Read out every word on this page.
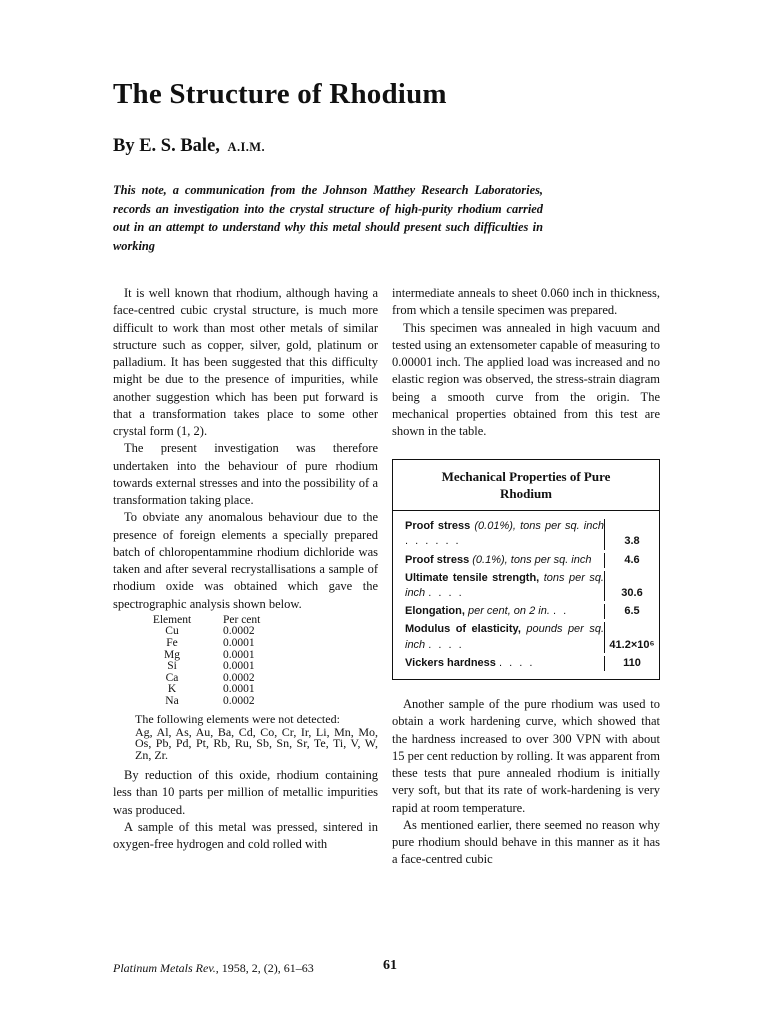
The Structure of Rhodium

By E. S. Bale, A.I.M.

This note, a communication from the Johnson Matthey Research Laboratories, records an investigation into the crystal structure of high-purity rhodium carried out in an attempt to understand why this metal should present such difficulties in working

It is well known that rhodium, although having a face-centred cubic crystal structure, is much more difficult to work than most other metals of similar structure such as copper, silver, gold, platinum or palladium. It has been suggested that this difficulty might be due to the presence of impurities, while another suggestion which has been put forward is that a transformation takes place to some other crystal form (1, 2).

The present investigation was therefore undertaken into the behaviour of pure rhodium towards external stresses and into the possibility of a transformation taking place.

To obviate any anomalous behaviour due to the presence of foreign elements a specially prepared batch of chloropentammine rhodium dichloride was taken and after several recrystallisations a sample of rhodium oxide was obtained which gave the spectrographic analysis shown below.

Element	Per cent
Cu	0.0002
Fe	0.0001
Mg	0.0001
Si	0.0001
Ca	0.0002
K	0.0001
Na	0.0002

The following elements were not detected:

Ag, Al, As, Au, Ba, Cd, Co, Cr, Ir, Li, Mn, Mo, Os, Pb, Pd, Pt, Rb, Ru, Sb, Sn, Sr, Te, Ti, V, W, Zn, Zr.

By reduction of this oxide, rhodium containing less than 10 parts per million of metallic impurities was produced.

A sample of this metal was pressed, sintered in oxygen-free hydrogen and cold rolled with

intermediate anneals to sheet 0.060 inch in thickness, from which a tensile specimen was prepared.

This specimen was annealed in high vacuum and tested using an extensometer capable of measuring to 0.00001 inch. The applied load was increased and no elastic region was observed, the stress-strain diagram being a smooth curve from the origin. The mechanical properties obtained from this test are shown in the table.

Mechanical Properties of Pure Rhodium
Proof stress (0.01%), tons per sq. inch . . . . . .	3.8
Proof stress (0.1%), tons per sq. inch	4.6
Ultimate tensile strength, tons per sq. inch . . . .	30.6
Elongation, per cent, on 2 in. . .	6.5
Modulus of elasticity, pounds per sq. inch . . . .	41.2×10⁶
Vickers hardness . . . .	110

Another sample of the pure rhodium was used to obtain a work hardening curve, which showed that the hardness increased to over 300 VPN with about 15 per cent reduction by rolling. It was apparent from these tests that pure annealed rhodium is initially very soft, but that its rate of work-hardening is very rapid at room temperature.

As mentioned earlier, there seemed no reason why pure rhodium should behave in this manner as it has a face-centred cubic

Platinum Metals Rev., 1958, 2, (2), 61–63	61
